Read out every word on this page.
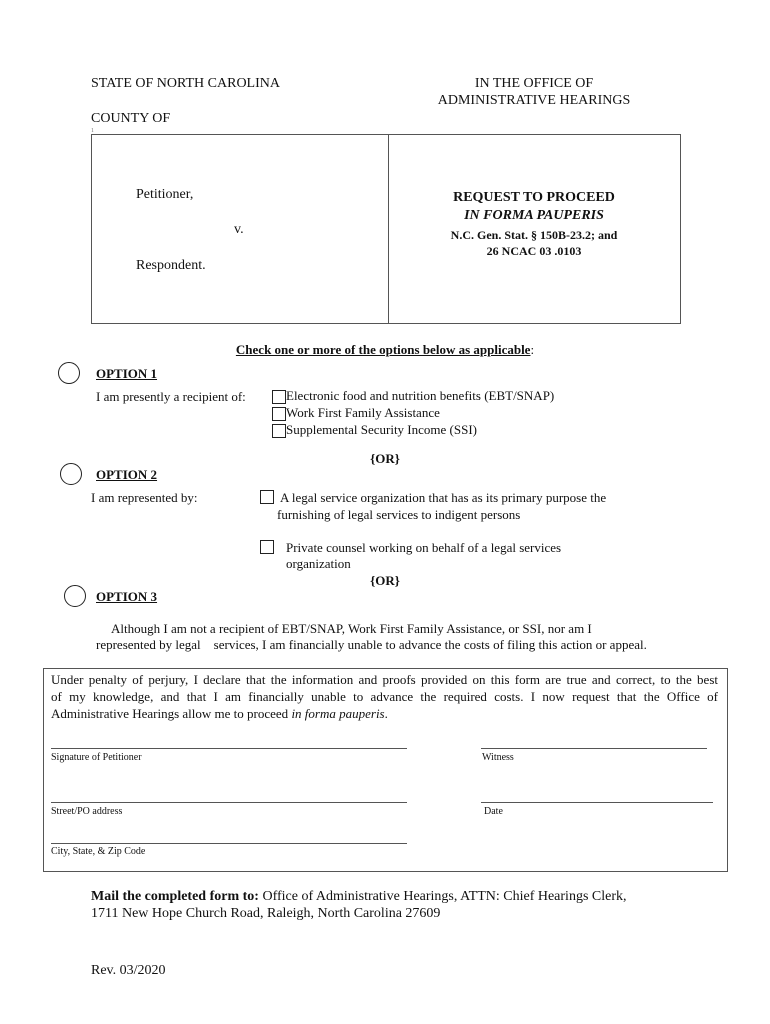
STATE OF NORTH CAROLINA
COUNTY OF
1
IN THE OFFICE OF
ADMINISTRATIVE HEARINGS
Petitioner,
v.
Respondent.
REQUEST TO PROCEED
IN FORMA PAUPERIS
N.C. Gen. Stat. § 150B-23.2; and
26 NCAC 03 .0103
Check one or more of the options below as applicable:
OPTION 1
I am presently a recipient of:	Electronic food and nutrition benefits (EBT/SNAP)
Work First Family Assistance
Supplemental Security Income (SSI)
{OR}
OPTION 2
I am represented by:	A legal service organization that has as its primary purpose the
furnishing of legal services to indigent persons
Private counsel working on behalf of a legal services
organization
{OR}
OPTION 3
Although I am not a recipient of EBT/SNAP, Work First Family Assistance, or SSI, nor am I
represented by legal    services, I am financially unable to advance the costs of filing this action or appeal.
Under penalty of perjury, I declare that the information and proofs provided on this form are true and correct, to the best
of my knowledge, and that I am financially unable to advance the required costs. I now request that the Office of
Administrative Hearings allow me to proceed in forma pauperis.
Signature of Petitioner	Witness
Street/PO address	Date
City, State, & Zip Code
Mail the completed form to: Office of Administrative Hearings, ATTN: Chief Hearings Clerk,
1711 New Hope Church Road, Raleigh, North Carolina 27609
Rev. 03/2020
